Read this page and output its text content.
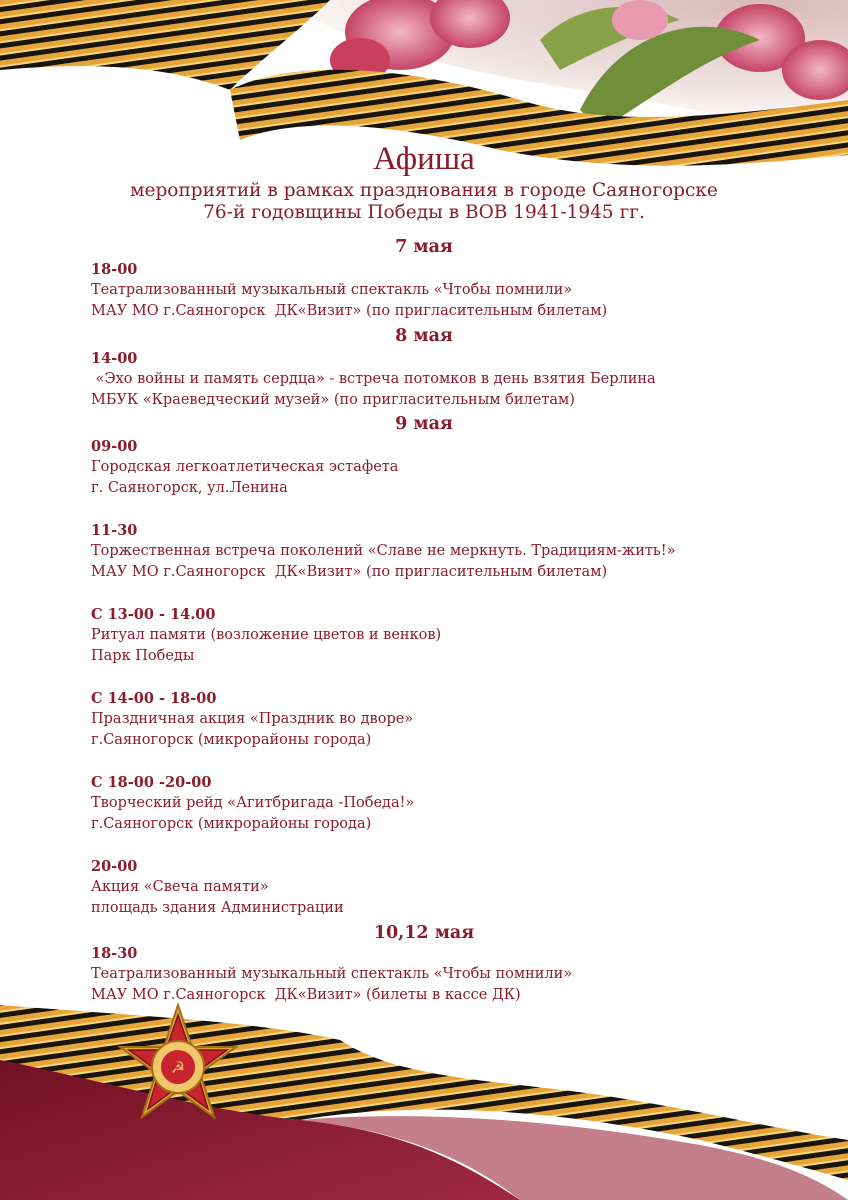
☭
Афиша
мероприятий в рамках празднования в городе Саяногорске
76-й годовщины Победы в ВОВ 1941-1945 гг.
7 мая
18-00
Театрализованный музыкальный спектакль «Чтобы помнили»
МАУ МО г.Саяногорск  ДК«Визит» (по пригласительным билетам)
8 мая
14-00
«Эхо войны и память сердца» - встреча потомков в день взятия Берлина
МБУК «Краеведческий музей» (по пригласительным билетам)
9 мая
09-00
Городская легкоатлетическая эстафета
г. Саяногорск, ул.Ленина
11-30
Торжественная встреча поколений «Славе не меркнуть. Традициям-жить!»
МАУ МО г.Саяногорск  ДК«Визит» (по пригласительным билетам)
С 13-00 - 14.00
Ритуал памяти (возложение цветов и венков)
Парк Победы
С 14-00 - 18-00
Праздничная акция «Праздник во дворе»
г.Саяногорск (микрорайоны города)
С 18-00 -20-00
Творческий рейд «Агитбригада -Победа!»
г.Саяногорск (микрорайоны города)
20-00
Акция «Свеча памяти»
площадь здания Администрации
10,12 мая
18-30
Театрализованный музыкальный спектакль «Чтобы помнили»
МАУ МО г.Саяногорск  ДК«Визит» (билеты в кассе ДК)
